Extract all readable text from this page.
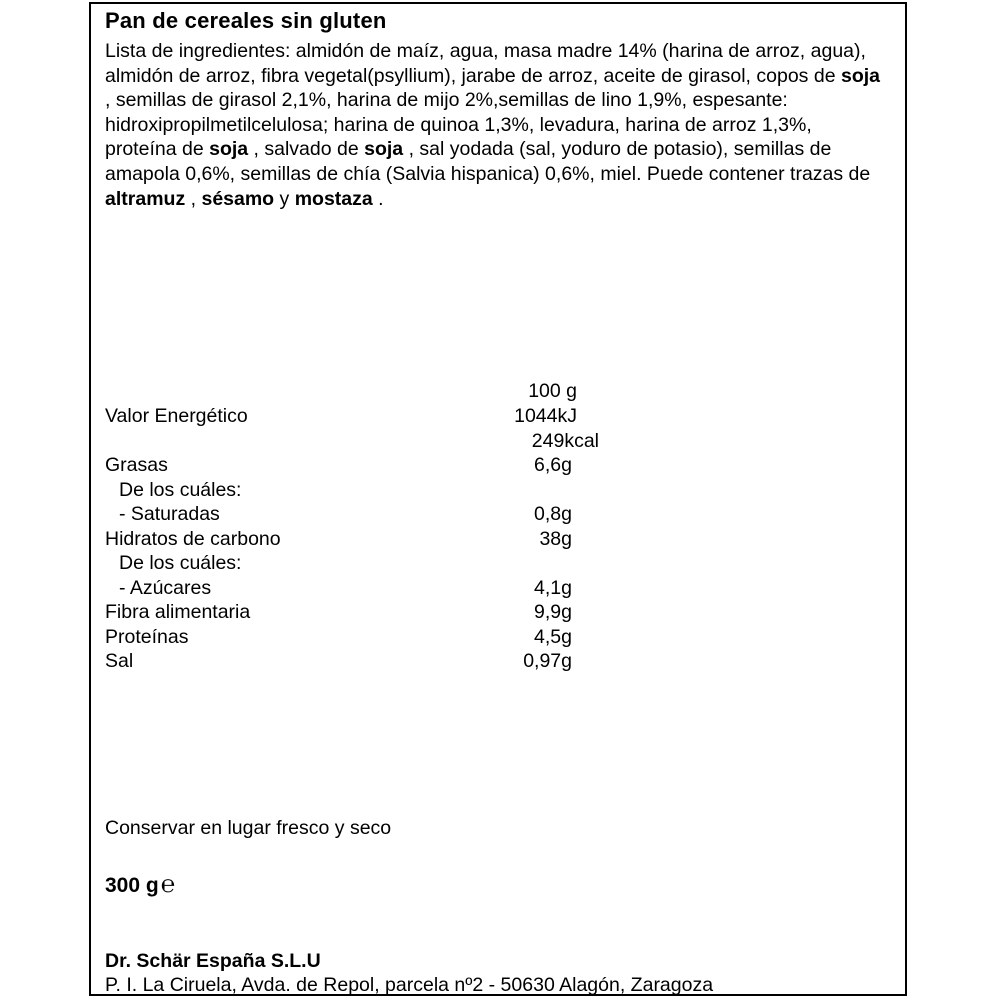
Pan de cereales sin gluten
Lista de ingredientes: almidón de maíz, agua, masa madre 14% (harina de arroz, agua), almidón de arroz, fibra vegetal(psyllium), jarabe de arroz, aceite de girasol, copos de soja , semillas de girasol 2,1%, harina de mijo 2%,semillas de lino 1,9%, espesante: hidroxipropilmetilcelulosa; harina de quinoa 1,3%, levadura, harina de arroz 1,3%, proteína de soja , salvado de soja , sal yodada (sal, yoduro de potasio), semillas de amapola 0,6%, semillas de chía (Salvia hispanica) 0,6%, miel. Puede contener trazas de altramuz , sésamo y mostaza .
100 g
Valor Energético	1044kJ
249kcal
Grasas	6,6g
De los cuáles:
- Saturadas	0,8g
Hidratos de carbono	38g
De los cuáles:
- Azúcares	4,1g
Fibra alimentaria	9,9g
Proteínas	4,5g
Sal	0,97g
Conservar en lugar fresco y seco
300 g℮
Dr. Schär España S.L.U
P. I. La Ciruela, Avda. de Repol, parcela nº2 - 50630 Alagón, Zaragoza
